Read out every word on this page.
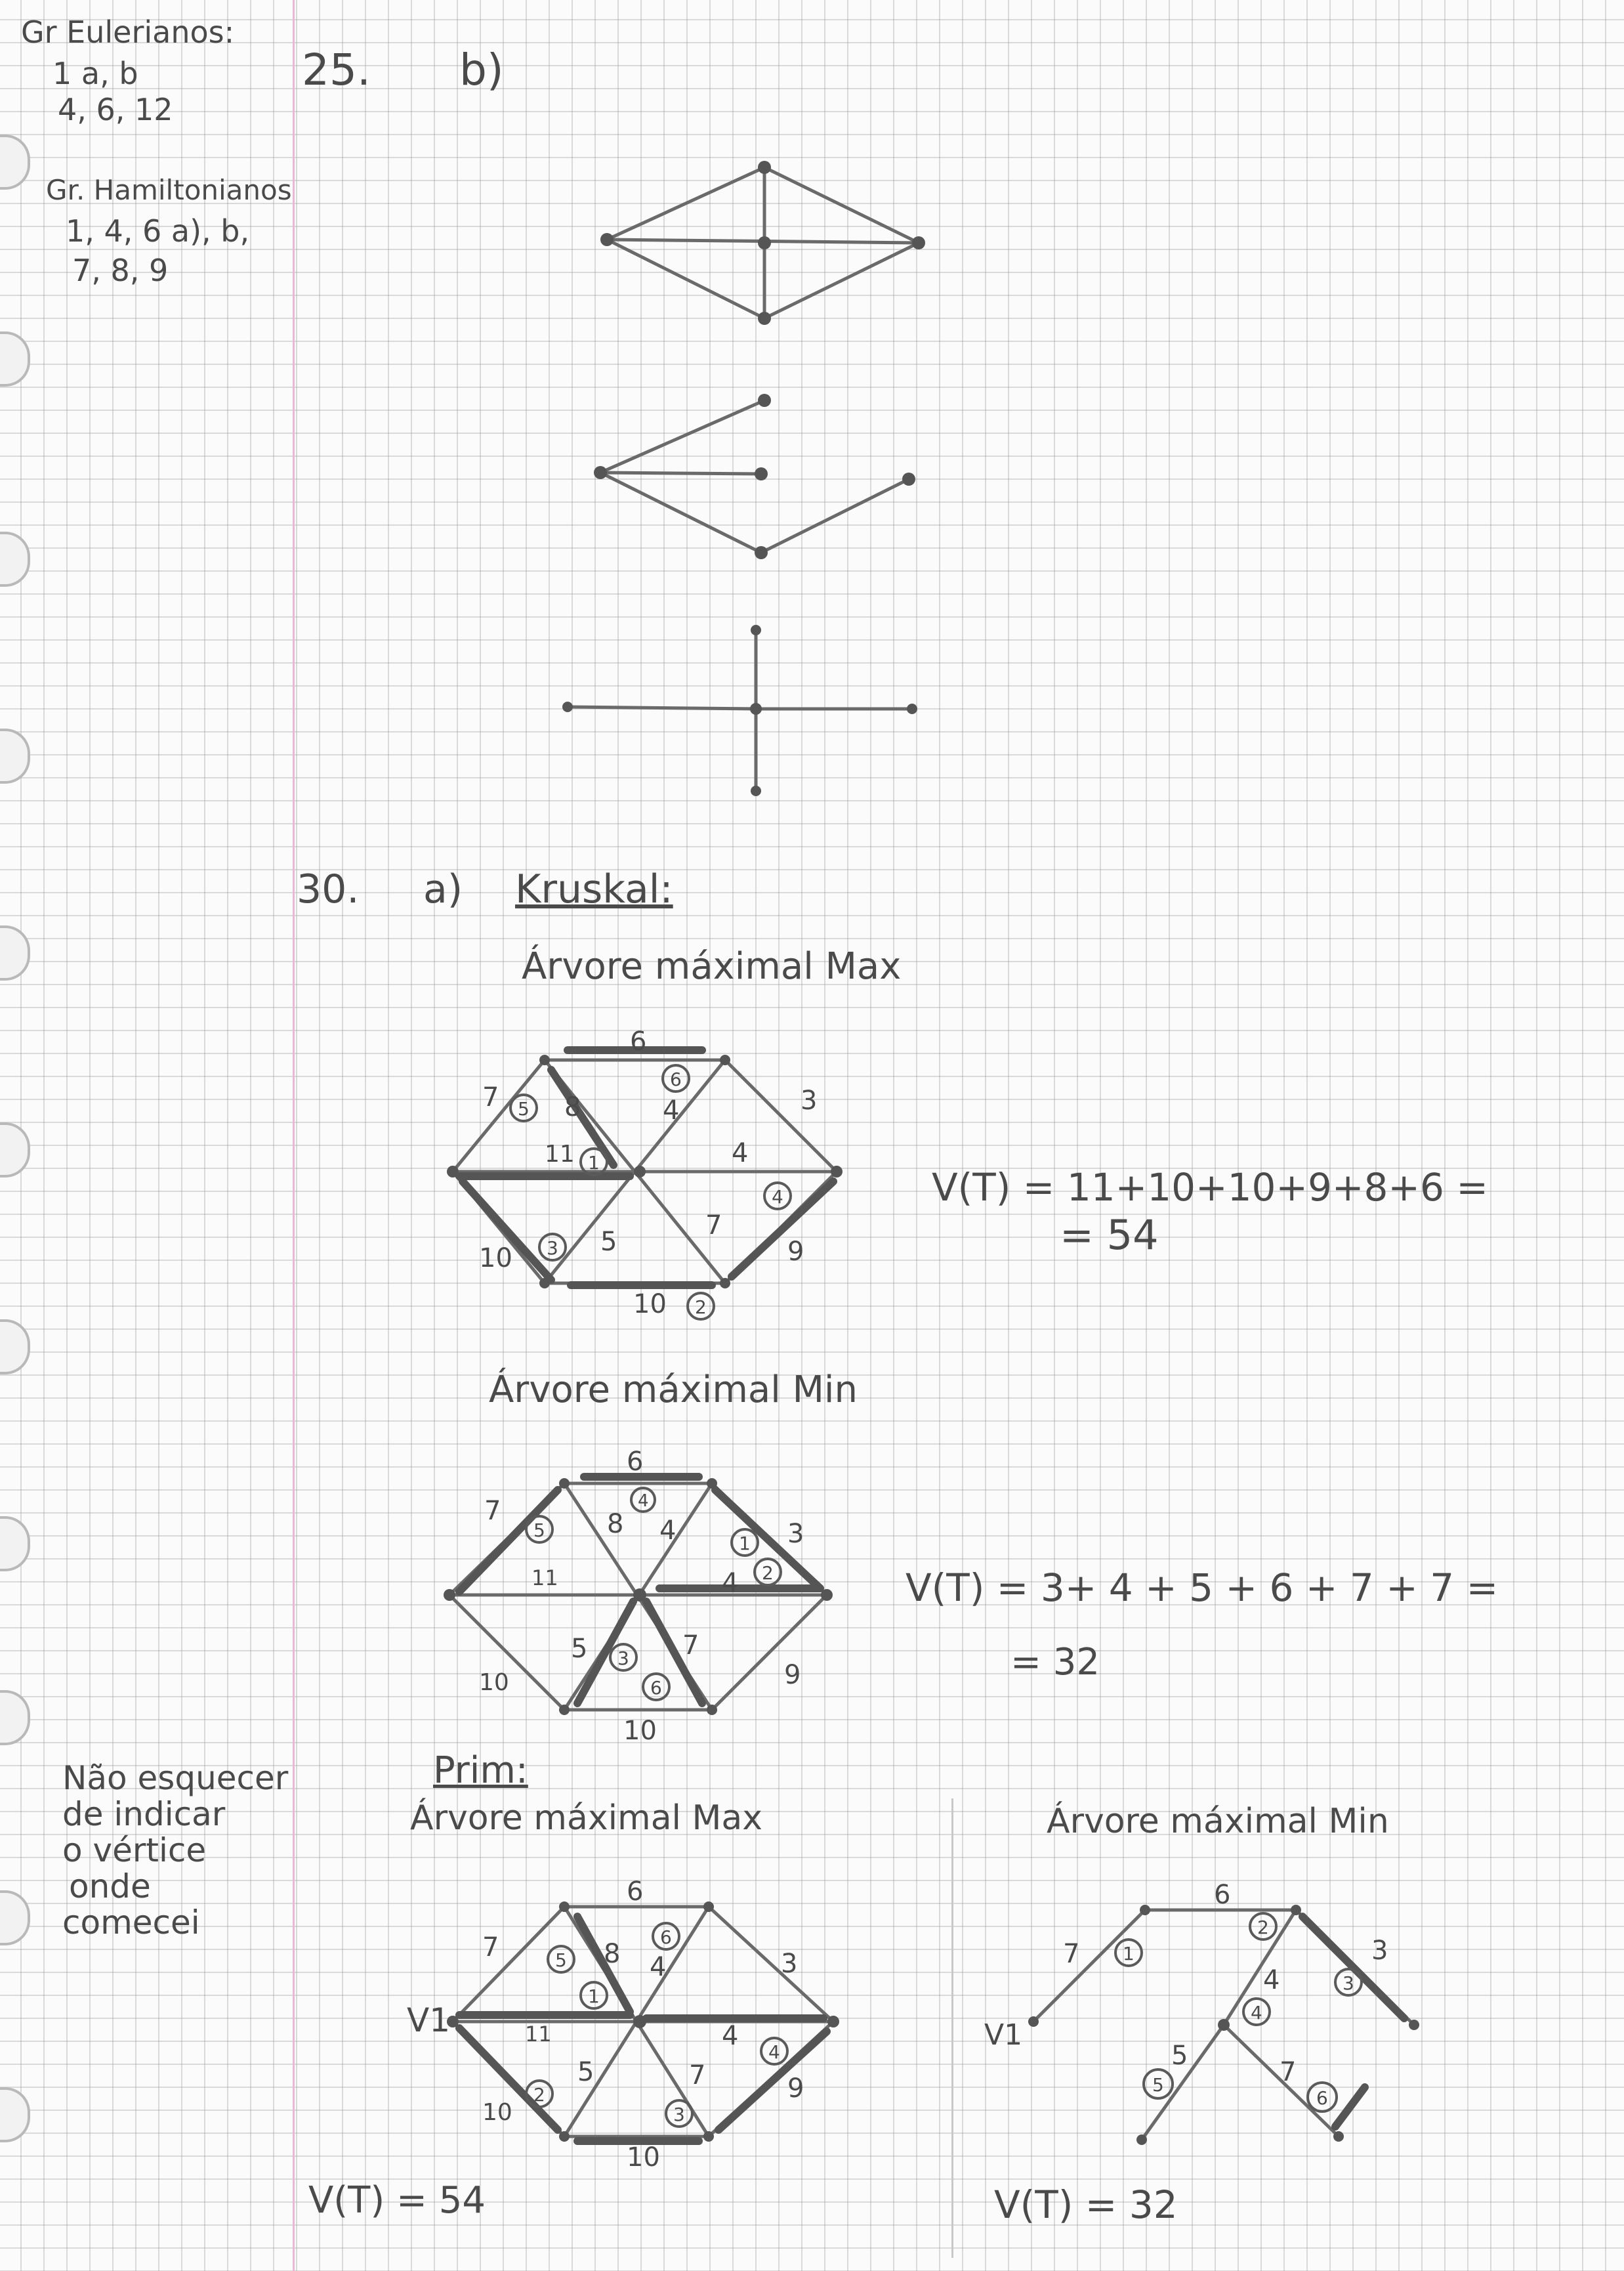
Gr Eulerianos:
1 a, b
4, 6, 12
Gr. Hamiltonianos
1, 4, 6 a), b,
7, 8, 9
Não esquecer
de indicar
o vértice
onde
comecei
25. b)
30. a) Kruskal:
Árvore máximal Max
V(T) = 11+10+10+9+8+6 =
= 54
Árvore máximal Min
V(T) = 3+ 4 + 5 + 6 + 7 + 7 =
= 32
Prim:
Árvore máximal Max	Árvore máximal Min
V(T) = 54	V(T) = 32
6
7	3
8	4
11	4
10
5
7
9
10
1
2
3
4
5
6
6
7	8 4	3
11	4
5	7
10	9
10
1
2
3
4
5
6
V1
6
7	8 4	3
11	4
5	7
10
9
10
1
2
3
4
5
6
V1
7
6
4
3
5
7
1
2
3
4
5
6
